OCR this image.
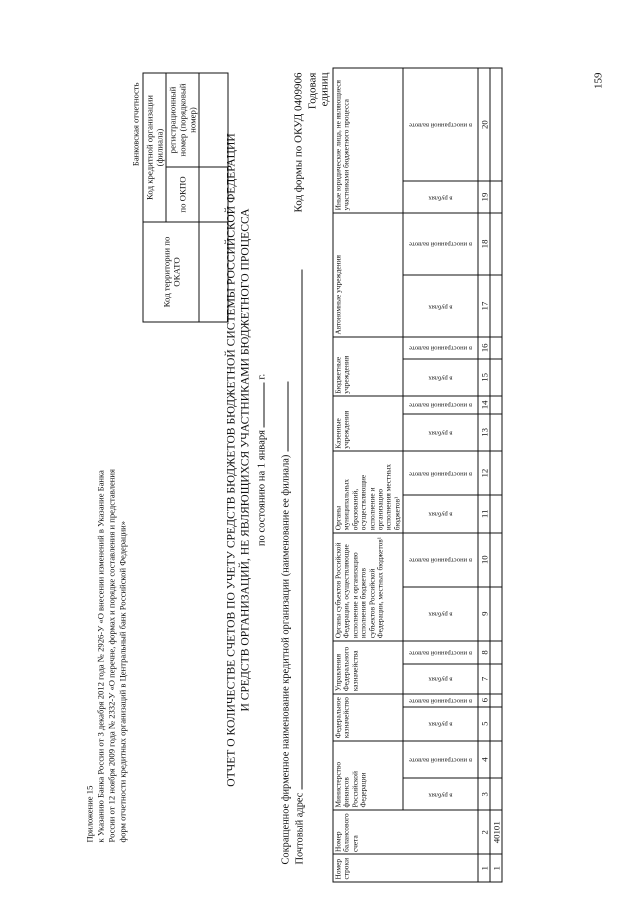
Приложение 15 к Указанию Банка России от 3 декабря 2012 года № 2926-У «О внесении изменений в Указание Банка России от 12 ноября 2009 года № 2332-У «О перечне, формах и порядке составления и представления форм отчетности кредитных организаций в Центральный банк Российской Федерации»
Банковская отчетность
Код территории по ОКАТО	Код кредитной организации (филиала)	
	по ОКПО	регистрационный номер (порядковый номер)

ОТЧЕТ О КОЛИЧЕСТВЕ СЧЕТОВ ПО УЧЕТУ СРЕДСТВ БЮДЖЕТОВ БЮДЖЕТНОЙ СИСТЕМЫ РОССИЙСКОЙ ФЕДЕРАЦИИ И СРЕДСТВ ОРГАНИЗАЦИЙ, НЕ ЯВЛЯЮЩИХСЯ УЧАСТНИКАМИ БЮДЖЕТНОГО ПРОЦЕССА по состоянию на 1 января  г.
Сокращенное фирменное наименование кредитной организации (наименование ее филиала) Почтовый адрес
Код формы по ОКУД 0409906 Годовая единиц
Номер строки	Номер балансового счета	Министерство финансов Российской Федерации		Федеральное казначейство		Управления Федерального казначейства		Органы субъектов Российской Федерации, осуществляющие исполнение и организацию исполнения бюджетов субъектов Российской Федерации, местных бюджетов¹		Органы муниципальных образований, осуществляющие исполнение и организацию исполнения местных бюджетов¹		Казенные учреждения		Бюджетные учреждения		Автономные учреждения		Иные юридические лица, не являющиеся участниками бюджетного процесса	

		в рублях	в иностранной валюте	в рублях	в иностранной валюте	в рублях	в иностранной валюте	в рублях	в иностранной валюте	в рублях	в иностранной валюте	в рублях	в иностранной валюте	в рублях	в иностранной валюте	в рублях	в иностранной валюте	в рублях	в иностранной валюте

1	2	3	4	5	6	7	8	9	10	11	12	13	14	15	16	17	18	19	20
1	40101																		
159
